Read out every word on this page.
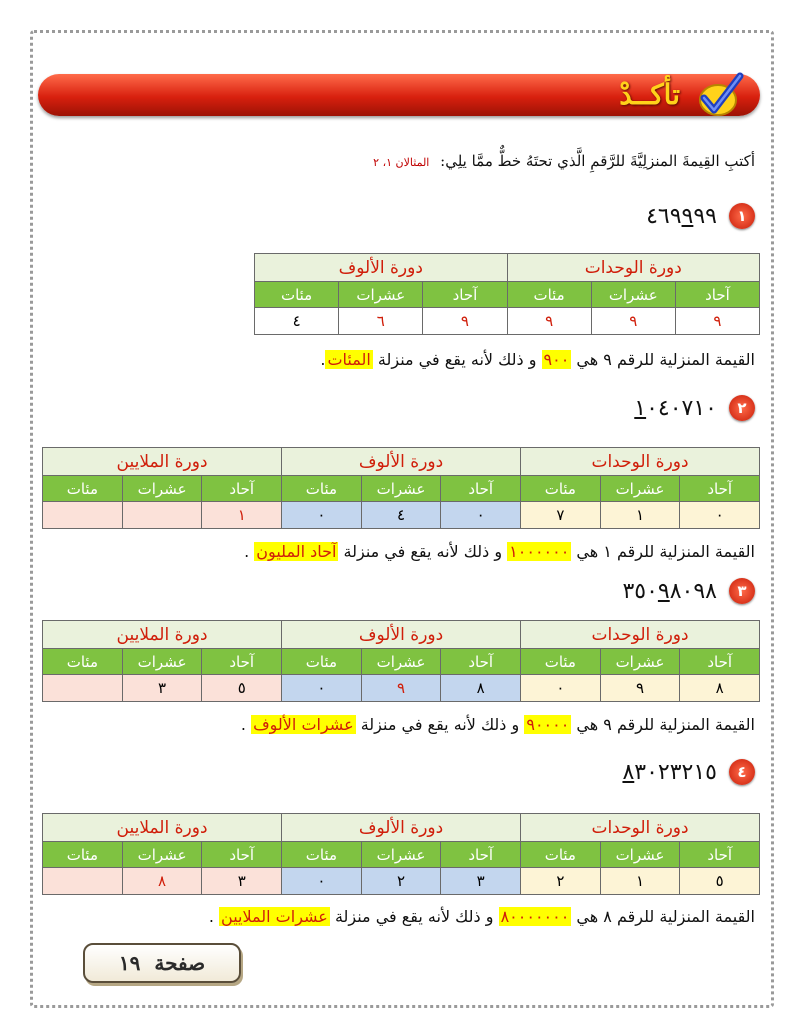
تأكــدْ
أكتبِ القِيمةَ المنزلِيَّةَ للرَّقمِ الَّذي تحتَهُ خطٌّ ممَّا يلِي: المثالان ١، ٢
١
٤٦٩٩٩٩
دورة الوحدات			دورة الألوف		
آحاد	عشرات	مئات	آحاد	عشرات	مئات
٩	٩	٩	٩	٦	٤
القيمة المنزلية للرقم ٩ هي ٩٠٠ و ذلك لأنه يقع في منزلة المئات.
٢
١٠٤٠٧١٠
دورة الوحدات			دورة الألوف			دورة الملايين		
آحاد	عشرات	مئات	آحاد	عشرات	مئات	آحاد	عشرات	مئات
٠	١	٧	٠	٤	٠	١		
القيمة المنزلية للرقم ١ هي ١٠٠٠٠٠٠ و ذلك لأنه يقع في منزلة آحاد المليون .
٣
٣٥٠٩٨٠٩٨
دورة الوحدات			دورة الألوف			دورة الملايين		
آحاد	عشرات	مئات	آحاد	عشرات	مئات	آحاد	عشرات	مئات
٨	٩	٠	٨	٩	٠	٥	٣	
القيمة المنزلية للرقم ٩ هي ٩٠٠٠٠ و ذلك لأنه يقع في منزلة عشرات الألوف .
٤
٨٣٠٢٣٢١٥
دورة الوحدات			دورة الألوف			دورة الملايين		
آحاد	عشرات	مئات	آحاد	عشرات	مئات	آحاد	عشرات	مئات
٥	١	٢	٣	٢	٠	٣	٨	
القيمة المنزلية للرقم ٨ هي ٨٠٠٠٠٠٠٠ و ذلك لأنه يقع في منزلة عشرات الملايين .
صفحة

١٩
